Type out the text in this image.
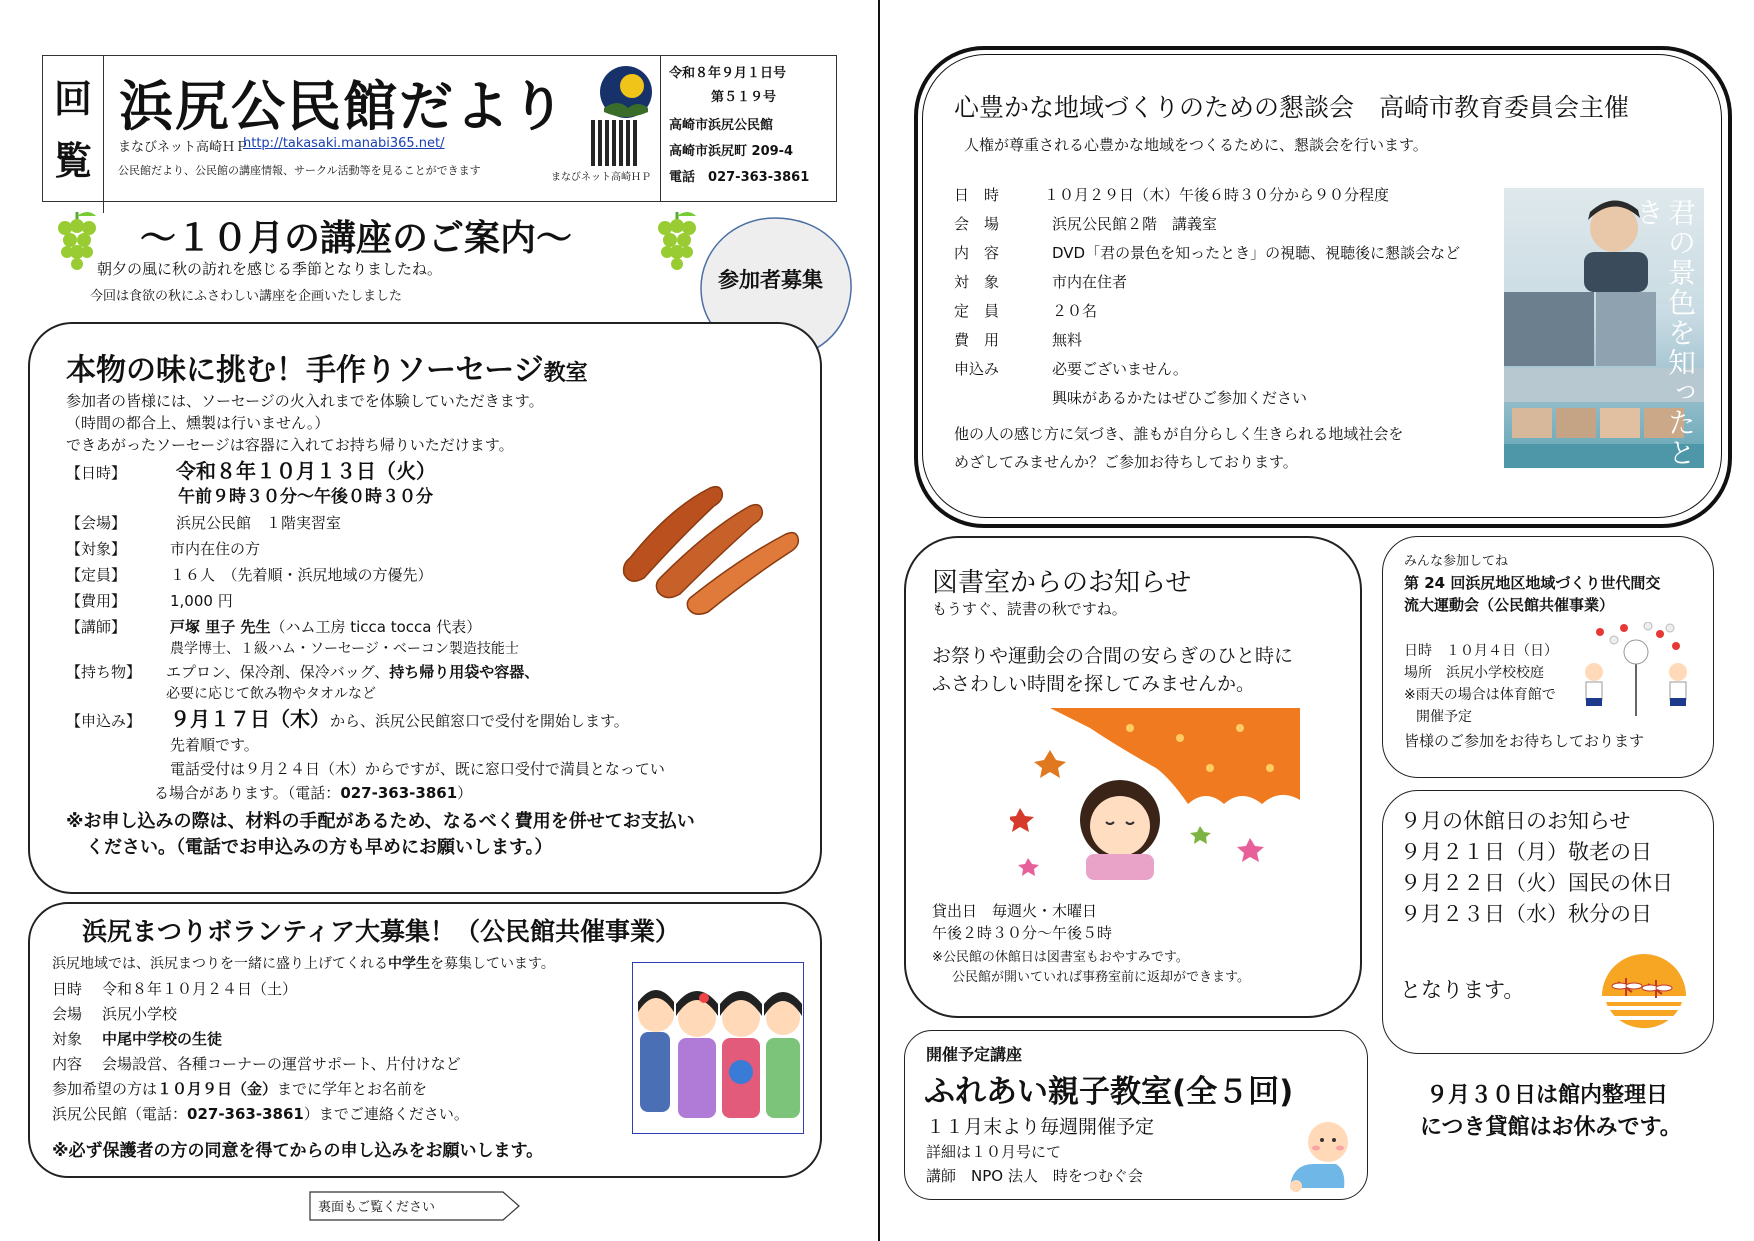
回
覧
浜尻公民館だより
まなびネット高崎ＨＰ
http://takasaki.manabi365.net/
公民館だより、公民館の講座情報、サークル活動等を見ることができます
まなびネット高崎ＨＰ
令和８年９月１日号
第５１９号
高崎市浜尻公民館
高崎市浜尻町 209-4
電話　 027-363-3861
～１０月の講座のご案内～
朝夕の風に秋の訪れを感じる季節となりましたね。
今回は食欲の秋にふさわしい講座を企画いたしました
参加者募集
本物の味に挑む！手作りソーセージ教室
参加者の皆様には、ソーセージの火入れまでを体験していただきます。
（時間の都合上、燻製は行いません。）
できあがったソーセージは容器に入れてお持ち帰りいただけます。
【日時】 令和８年１０月１３日（火）
午前９時３０分～午後０時３０分
【会場】	浜尻公民館　１階実習室
【対象】	市内在住の方
【定員】	１６人　（先着順・浜尻地域の方優先）
【費用】	1,000 円
【講師】	戸塚 里子 先生（ハム工房 ticca tocca 代表）
農学博士、１級ハム・ソーセージ・ベーコン製造技能士
【持ち物】 エプロン、保冷剤、保冷バッグ、持ち帰り用袋や容器、
必要に応じて飲み物やタオルなど
【申込み】 ９月１７日（木）から、浜尻公民館窓口で受付を開始します。
先着順です。
電話受付は９月２４日（木）からですが、既に窓口受付で満員となってい
る場合があります。（電話：027-363-3861）
※お申し込みの際は、材料の手配があるため、なるべく費用を併せてお支払い
ください。（電話でお申込みの方も早めにお願いします。）
浜尻まつりボランティア大募集！（公民館共催事業）
浜尻地域では、浜尻まつりを一緒に盛り上げてくれる中学生を募集しています。
日時 令和８年１０月２４日（土）
会場 浜尻小学校
対象 中尾中学校の生徒
内容 会場設営、各種コーナーの運営サポート、片付けなど
参加希望の方は１０月９日（金）までに学年とお名前を
浜尻公民館（電話：027-363-3861）までご連絡ください。
※必ず保護者の方の同意を得てからの申し込みをお願いします。
裏面もご覧ください
心豊かな地域づくりのための懇談会　高崎市教育委員会主催
人権が尊重される心豊かな地域をつくるために、懇談会を行います。
日　時	１０月２９日（木）午後６時３０分から９０分程度
会　場	浜尻公民館２階　講義室
内　容	DVD「君の景色を知ったとき」の視聴、視聴後に懇談会など
対　象	市内在住者
定　員	２０名
費　用	無料
申込み	必要ございません。
	興味があるかたはぜひご参加ください
他の人の感じ方に気づき、誰もが自分らしく生きられる地域社会を
めざしてみませんか？ご参加お待ちしております。	君の景色を知ったとき
図書室からのお知らせ
もうすぐ、読書の秋ですね。
お祭りや運動会の合間の安らぎのひと時に
ふさわしい時間を探してみませんか。
貸出日　毎週火・木曜日
午後２時３０分～午後５時
※公民館の休館日は図書室もおやすみです。
公民館が開いていれば事務室前に返却ができます。
みんな参加してね
第 24 回浜尻地区地域づくり世代間交
流大運動会（公民館共催事業）
日時　１０月４日（日）
場所　浜尻小学校校庭
※雨天の場合は体育館で
開催予定
皆様のご参加をお待ちしております
９月の休館日のお知らせ
９月２１日（月）敬老の日
９月２２日（火）国民の休日
９月２３日（水）秋分の日
となります。
開催予定講座
ふれあい親子教室(全５回)
１１月末より毎週開催予定
詳細は１０月号にて
講師　NPO 法人　時をつむぐ会
９月３０日は館内整理日
につき貸館はお休みです。
